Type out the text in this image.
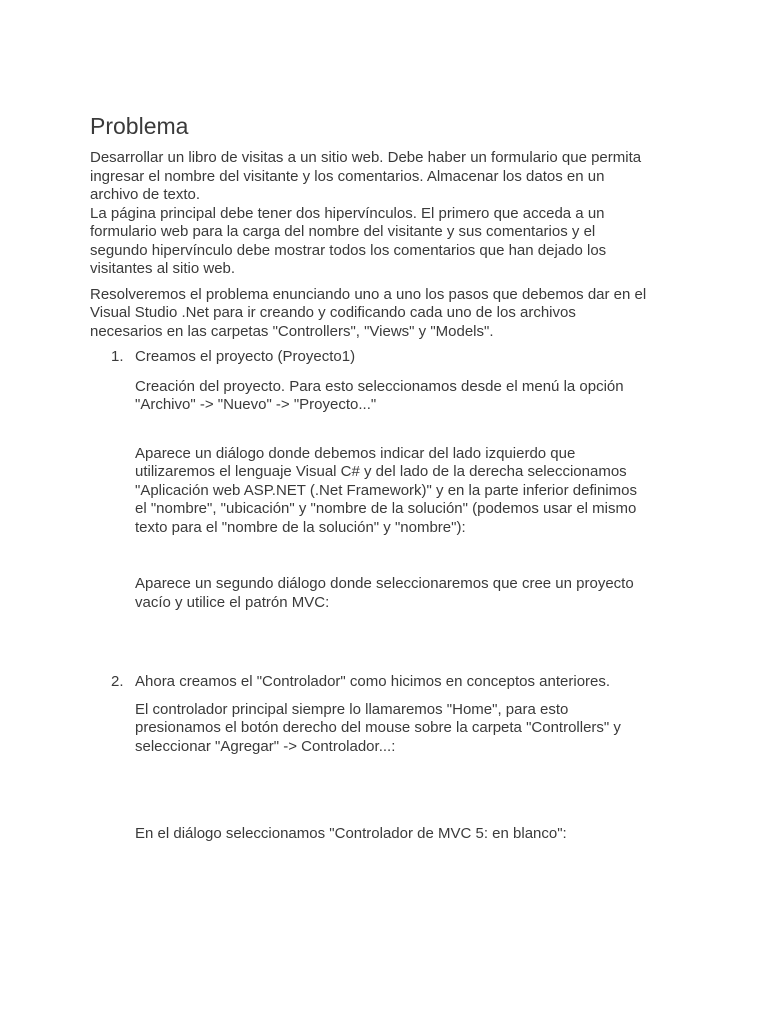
Problema

Desarrollar un libro de visitas a un sitio web. Debe haber un formulario que permita
ingresar el nombre del visitante y los comentarios. Almacenar los datos en un
archivo de texto.
La página principal debe tener dos hipervínculos. El primero que acceda a un
formulario web para la carga del nombre del visitante y sus comentarios y el
segundo hipervínculo debe mostrar todos los comentarios que han dejado los
visitantes al sitio web.

Resolveremos el problema enunciando uno a uno los pasos que debemos dar en el
Visual Studio .Net para ir creando y codificando cada uno de los archivos
necesarios en las carpetas "Controllers", "Views" y "Models".

1. Creamos el proyecto (Proyecto1)

Creación del proyecto. Para esto seleccionamos desde el menú la opción
"Archivo" -> "Nuevo" -> "Proyecto..."

Aparece un diálogo donde debemos indicar del lado izquierdo que
utilizaremos el lenguaje Visual C# y del lado de la derecha seleccionamos
"Aplicación web ASP.NET (.Net Framework)" y en la parte inferior definimos
el "nombre", "ubicación" y "nombre de la solución" (podemos usar el mismo
texto para el "nombre de la solución" y "nombre"):

Aparece un segundo diálogo donde seleccionaremos que cree un proyecto
vacío y utilice el patrón MVC:

2. Ahora creamos el "Controlador" como hicimos en conceptos anteriores.

El controlador principal siempre lo llamaremos "Home", para esto
presionamos el botón derecho del mouse sobre la carpeta "Controllers" y
seleccionar "Agregar" -> Controlador...:

En el diálogo seleccionamos "Controlador de MVC 5: en blanco":
